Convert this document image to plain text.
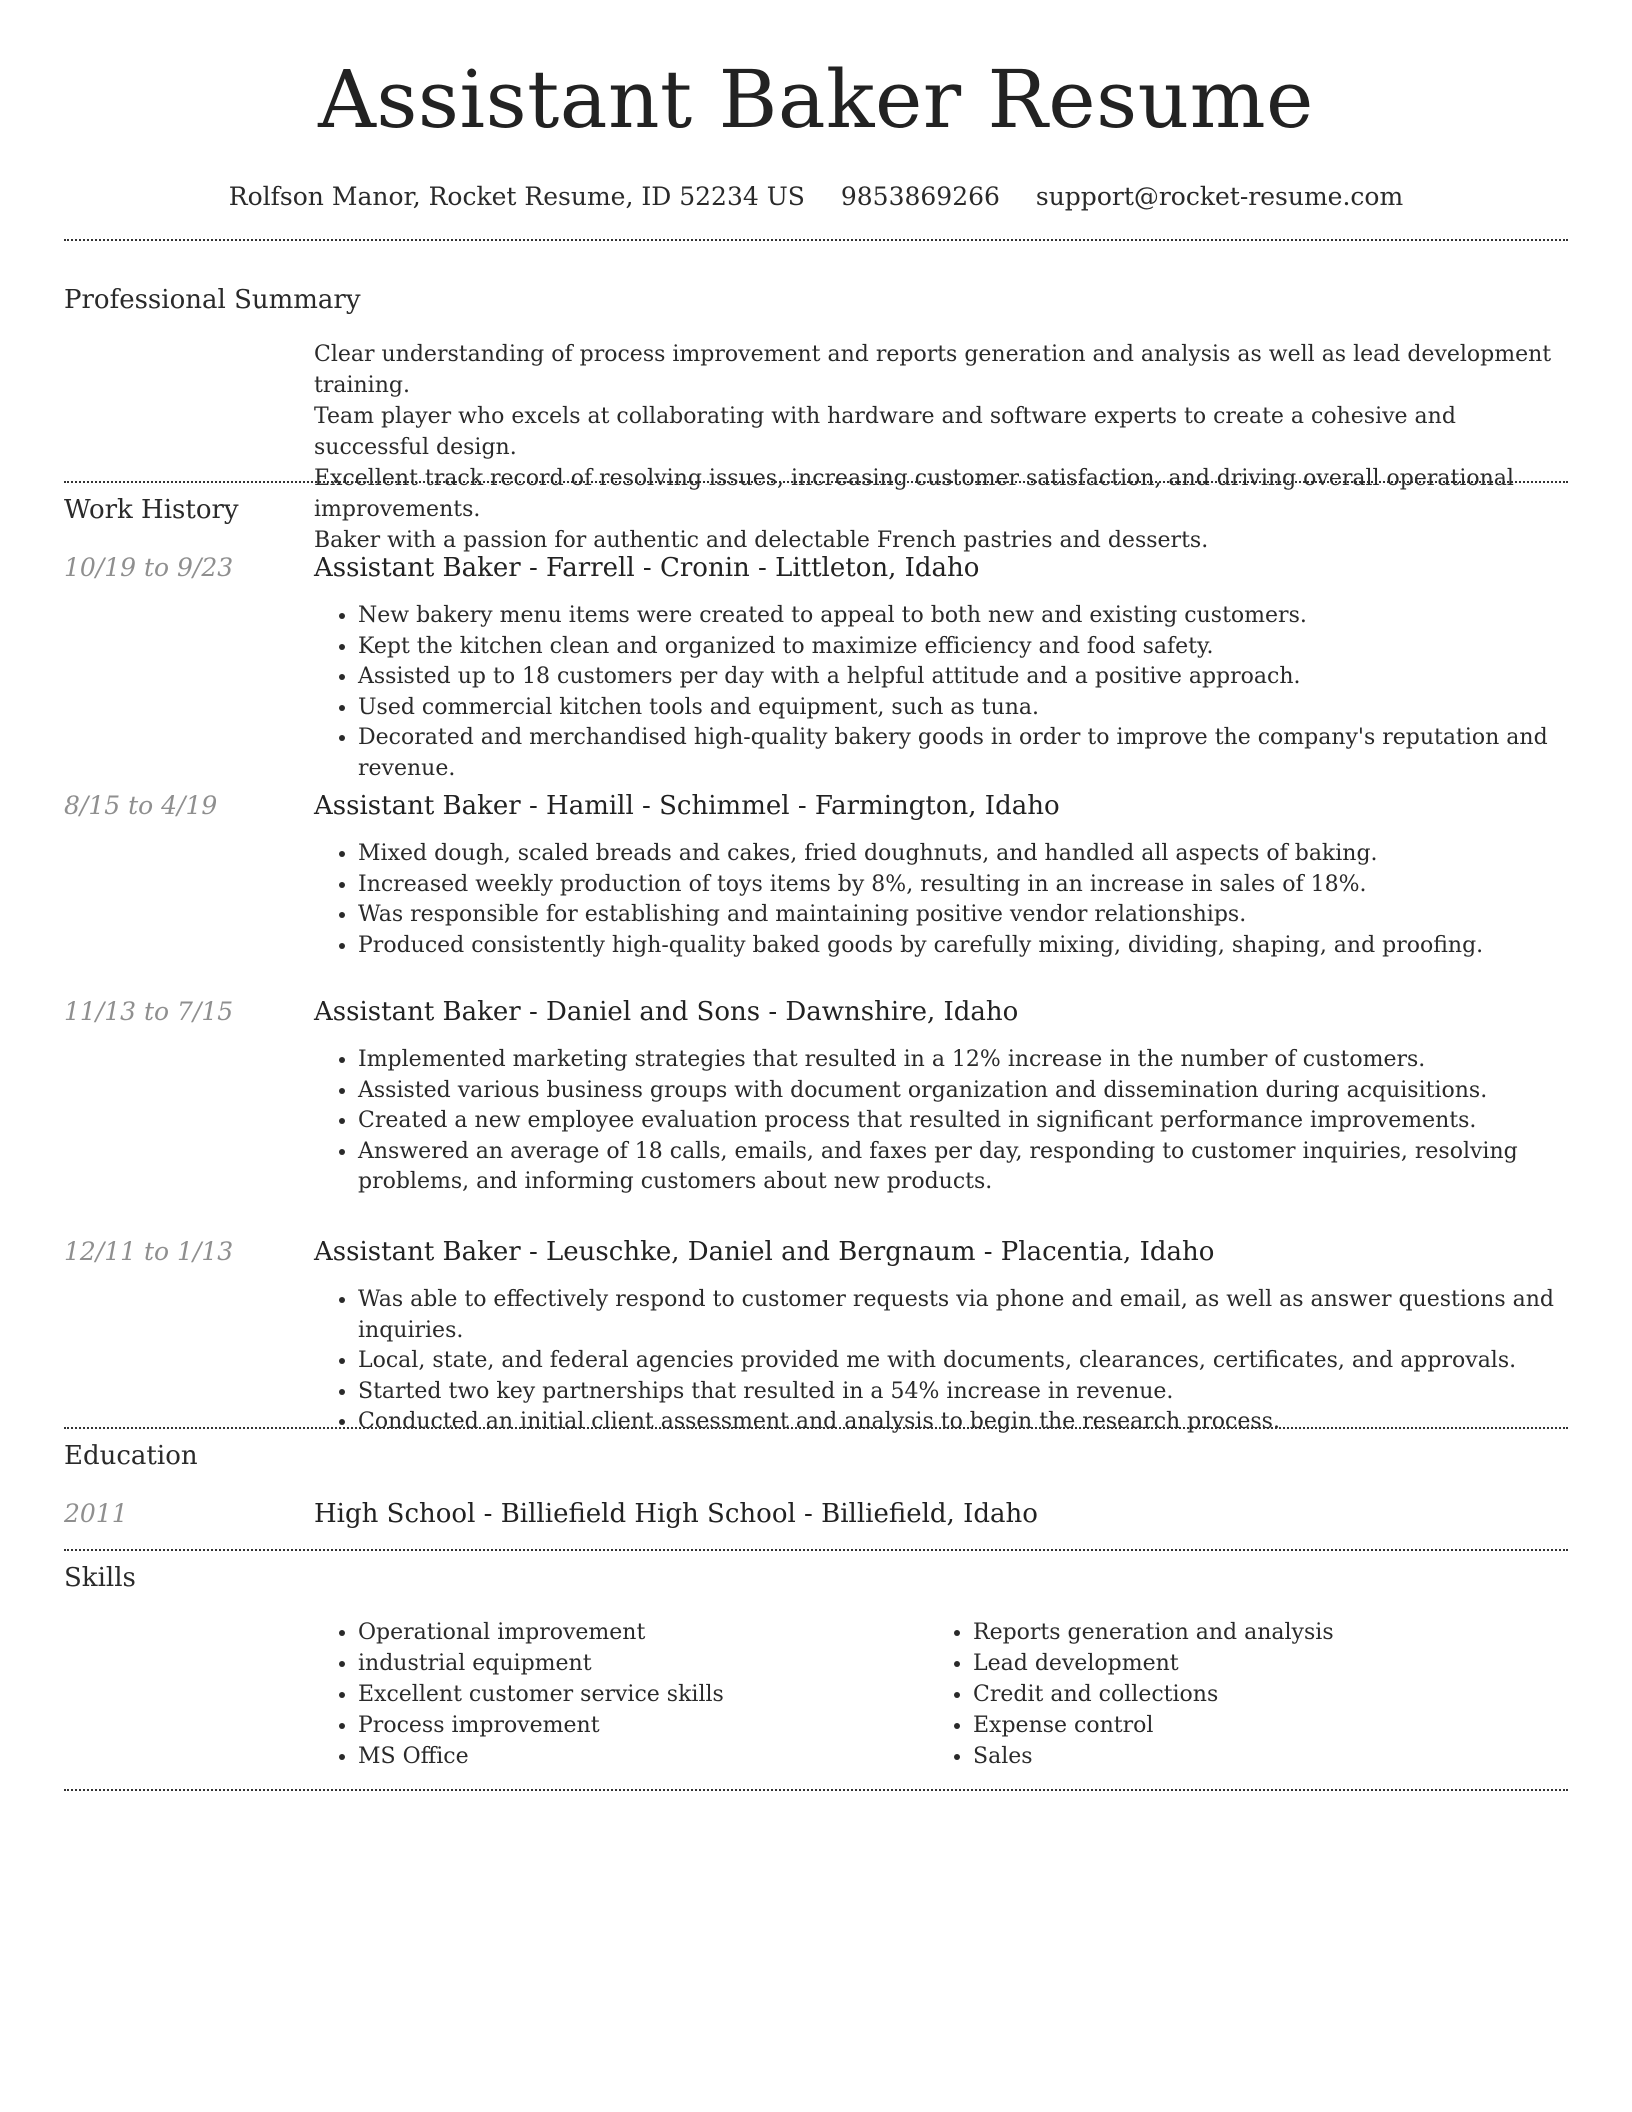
Assistant Baker Resume
Rolfson Manor, Rocket Resume, ID 52234 US 9853869266 support@rocket-resume.com
Professional Summary
Clear understanding of process improvement and reports generation and analysis as well as lead development training.
Team player who excels at collaborating with hardware and software experts to create a cohesive and successful design.
Excellent track record of resolving issues, increasing customer satisfaction, and driving overall operational improvements.
Baker with a passion for authentic and delectable French pastries and desserts.
Work History
10/19 to 9/23	Assistant Baker - Farrell - Cronin - Littleton, Idaho
• New bakery menu items were created to appeal to both new and existing customers.
• Kept the kitchen clean and organized to maximize efficiency and food safety.
• Assisted up to 18 customers per day with a helpful attitude and a positive approach.
• Used commercial kitchen tools and equipment, such as tuna.
• Decorated and merchandised high-quality bakery goods in order to improve the company's reputation and revenue.
8/15 to 4/19	Assistant Baker - Hamill - Schimmel - Farmington, Idaho
• Mixed dough, scaled breads and cakes, fried doughnuts, and handled all aspects of baking.
• Increased weekly production of toys items by 8%, resulting in an increase in sales of 18%.
• Was responsible for establishing and maintaining positive vendor relationships.
• Produced consistently high-quality baked goods by carefully mixing, dividing, shaping, and proofing.
11/13 to 7/15	Assistant Baker - Daniel and Sons - Dawnshire, Idaho
• Implemented marketing strategies that resulted in a 12% increase in the number of customers.
• Assisted various business groups with document organization and dissemination during acquisitions.
• Created a new employee evaluation process that resulted in significant performance improvements.
• Answered an average of 18 calls, emails, and faxes per day, responding to customer inquiries, resolving problems, and informing customers about new products.
12/11 to 1/13	Assistant Baker - Leuschke, Daniel and Bergnaum - Placentia, Idaho
• Was able to effectively respond to customer requests via phone and email, as well as answer questions and inquiries.
• Local, state, and federal agencies provided me with documents, clearances, certificates, and approvals.
• Started two key partnerships that resulted in a 54% increase in revenue.
• Conducted an initial client assessment and analysis to begin the research process.
Education
2011	High School - Billiefield High School - Billiefield, Idaho
Skills
• Operational improvement
• industrial equipment
• Excellent customer service skills
• Process improvement
• MS Office
• Reports generation and analysis
• Lead development
• Credit and collections
• Expense control
• Sales
